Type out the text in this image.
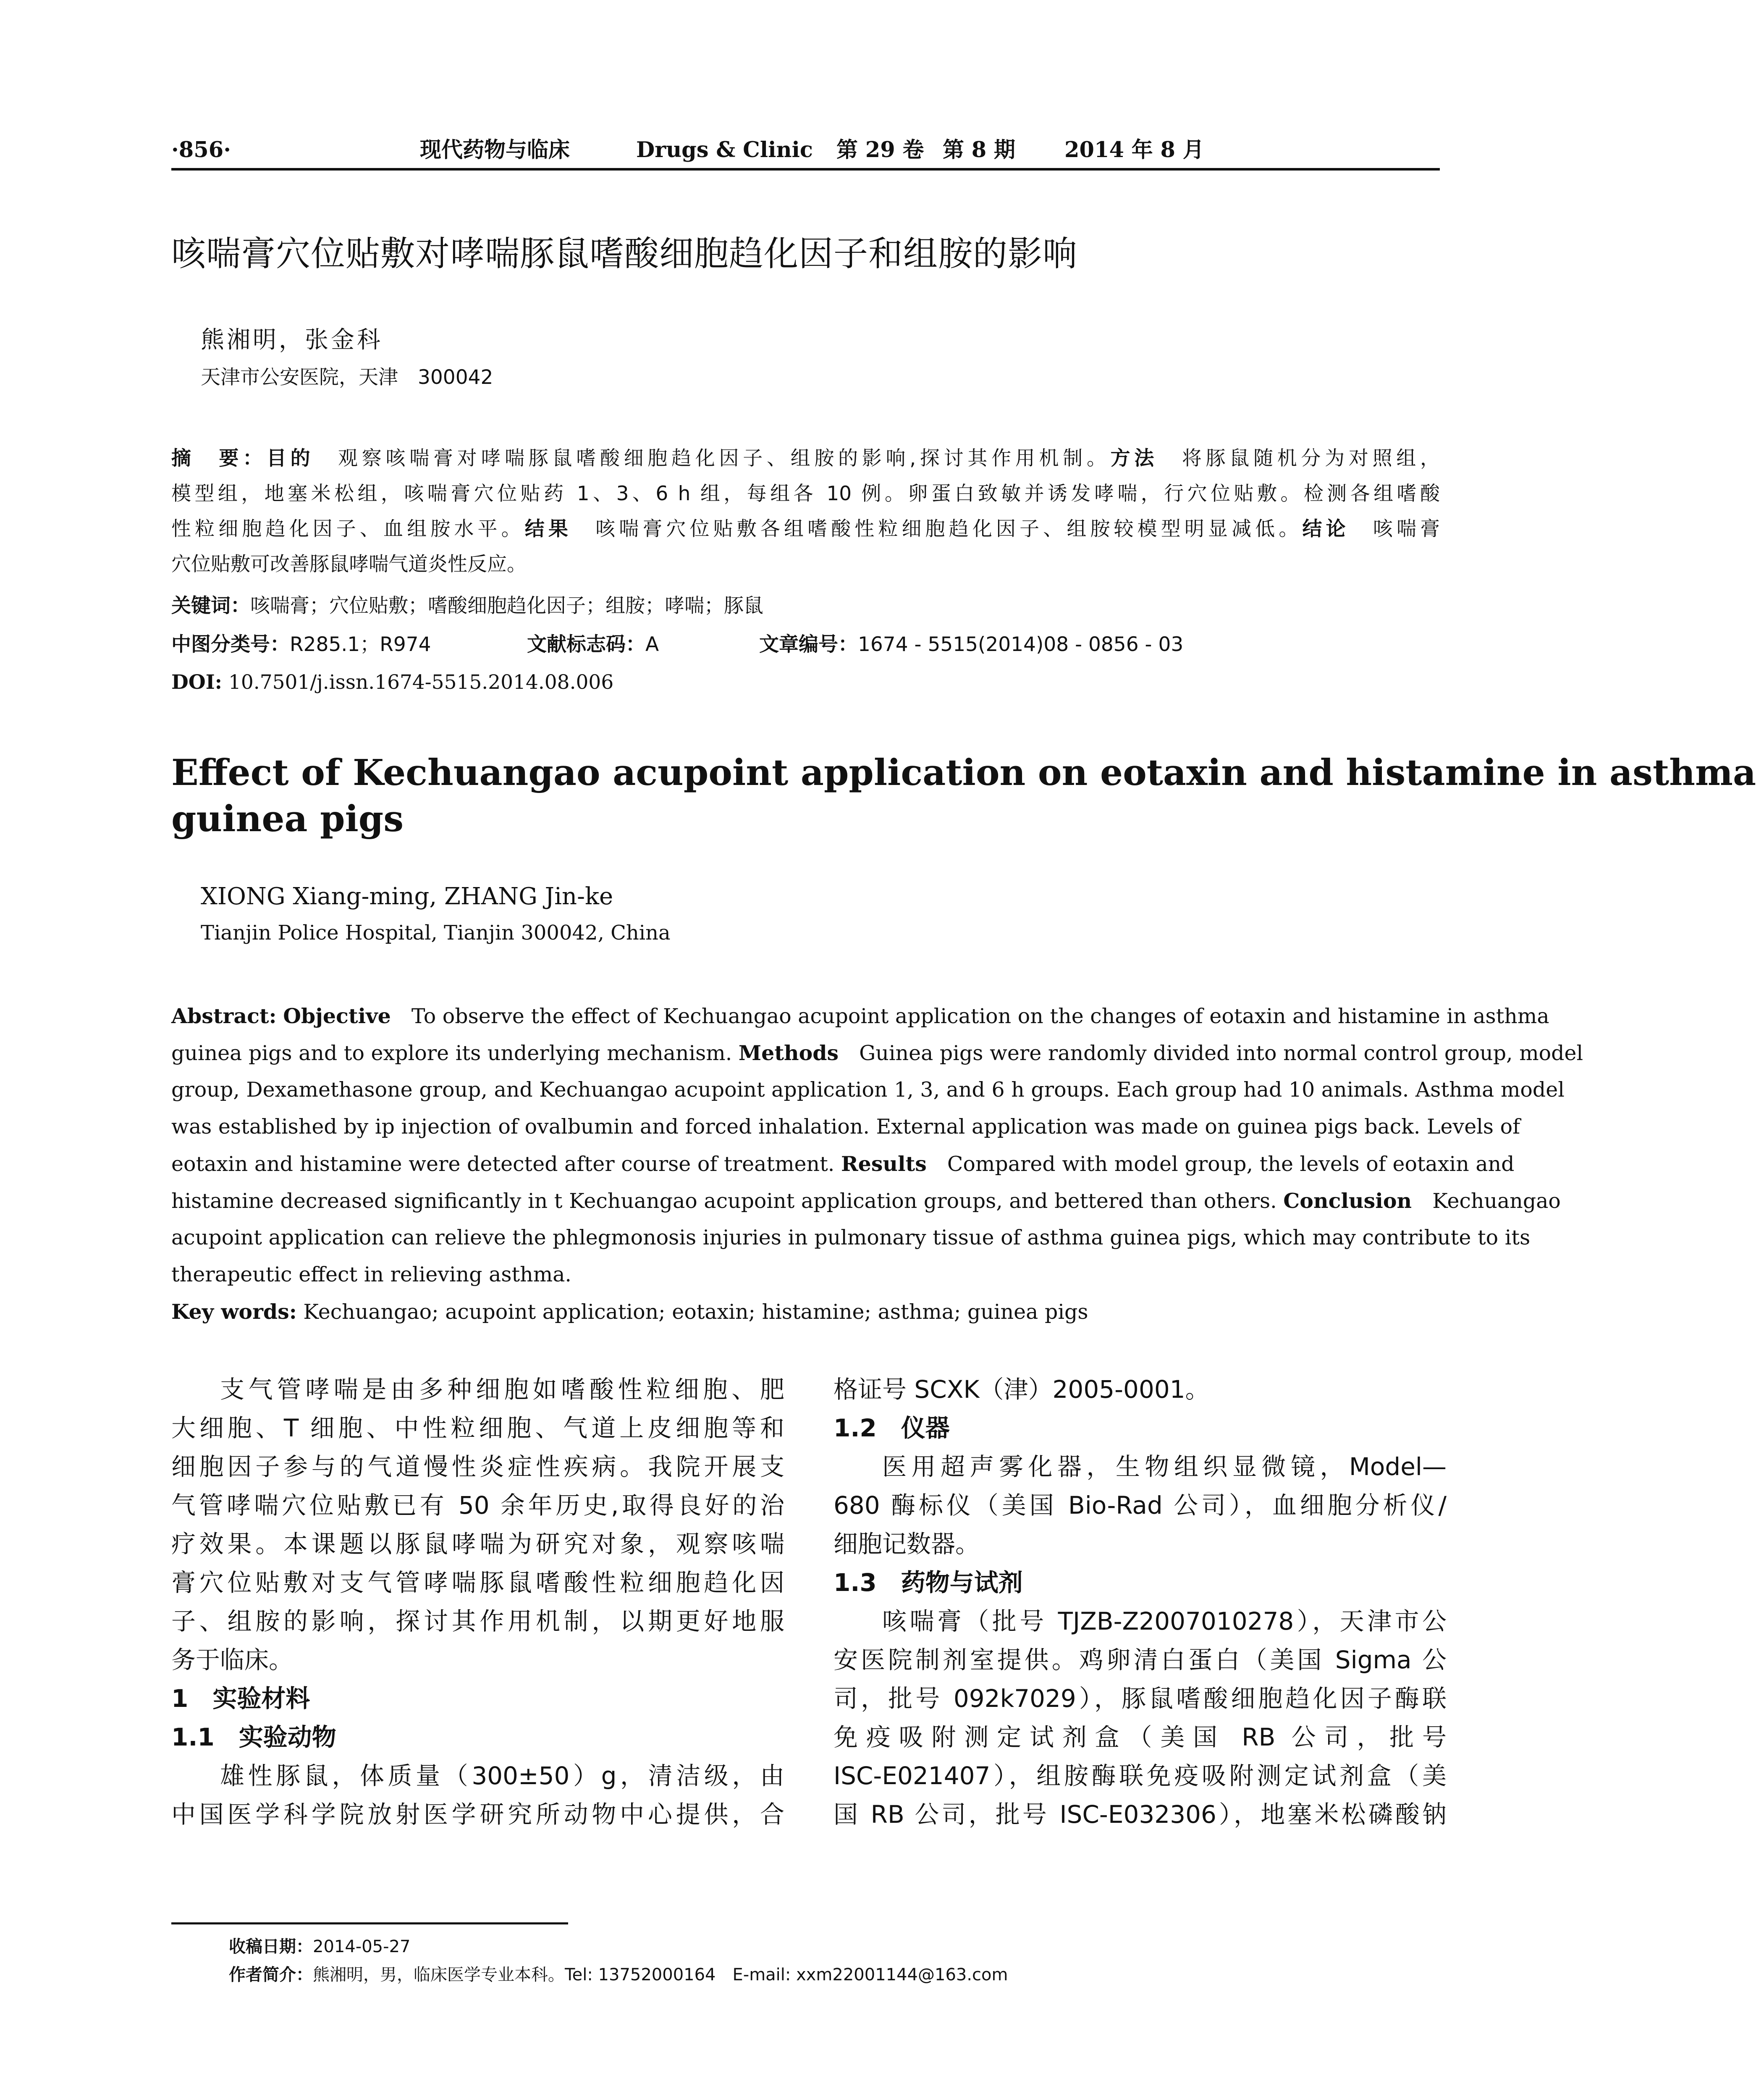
·856·	现代药物与临床	Drugs & Clinic 第 29 卷 第 8 期 2014 年 8 月
咳喘膏穴位贴敷对哮喘豚鼠嗜酸细胞趋化因子和组胺的影响
熊湘明，张金科
天津市公安医院，天津　300042
摘　要：目的　 观察咳喘膏对哮喘豚鼠嗜酸细胞趋化因子、组胺的影响,探讨其作用机制。方法　 将豚鼠随机分为对照组，
模型组，地塞米松组，咳喘膏穴位贴药 1、3、6 h 组，每组各 10 例。卵蛋白致敏并诱发哮喘，行穴位贴敷。检测各组嗜酸
性粒细胞趋化因子、血组胺水平。结果　 咳喘膏穴位贴敷各组嗜酸性粒细胞趋化因子、组胺较模型明显减低。结论　 咳喘膏
穴位贴敷可改善豚鼠哮喘气道炎性反应。
关键词：咳喘膏；穴位贴敷；嗜酸细胞趋化因子；组胺；哮喘；豚鼠
中图分类号：R285.1；R974	文献标志码：A	文章编号：1674 - 5515(2014)08 - 0856 - 03
DOI: 10.7501/j.issn.1674-5515.2014.08.006
Effect of Kechuangao acupoint application on eotaxin and histamine in asthma
guinea pigs
XIONG Xiang-ming, ZHANG Jin-ke
Tianjin Police Hospital, Tianjin 300042, China
Abstract: Objective　 To observe the effect of Kechuangao acupoint application on the changes of eotaxin and histamine in asthma
guinea pigs and to explore its underlying mechanism. Methods　 Guinea pigs were randomly divided into normal control group, model
group, Dexamethasone group, and Kechuangao acupoint application 1, 3, and 6 h groups. Each group had 10 animals. Asthma model
was established by ip injection of ovalbumin and forced inhalation. External application was made on guinea pigs back. Levels of
eotaxin and histamine were detected after course of treatment. Results　 Compared with model group, the levels of eotaxin and
histamine decreased significantly in t Kechuangao acupoint application groups, and bettered than others. Conclusion　 Kechuangao
acupoint application can relieve the phlegmonosis injuries in pulmonary tissue of asthma guinea pigs, which may contribute to its
therapeutic effect in relieving asthma.
Key words: Kechuangao; acupoint application; eotaxin; histamine; asthma; guinea pigs
支气管哮喘是由多种细胞如嗜酸性粒细胞、肥
大细胞、T 细胞、中性粒细胞、气道上皮细胞等和
细胞因子参与的气道慢性炎症性疾病。我院开展支
气管哮喘穴位贴敷已有 50 余年历史,取得良好的治
疗效果。本课题以豚鼠哮喘为研究对象，观察咳喘
膏穴位贴敷对支气管哮喘豚鼠嗜酸性粒细胞趋化因
子、组胺的影响，探讨其作用机制，以期更好地服
务于临床。
1　实验材料
1.1　实验动物
雄性豚鼠，体质量（300±50）g，清洁级，由
中国医学科学院放射医学研究所动物中心提供，合
格证号 SCXK（津）2005-0001。
1.2　仪器
医用超声雾化器，生物组织显微镜，Model—
680 酶标仪（美国 Bio-Rad 公司），血细胞分析仪/
细胞记数器。
1.3　药物与试剂
咳喘膏（批号 TJZB-Z2007010278），天津市公
安医院制剂室提供。鸡卵清白蛋白（美国 Sigma 公
司，批号 092k7029），豚鼠嗜酸细胞趋化因子酶联
免疫吸附测定试剂盒（美国 RB 公司，批号
ISC-E021407），组胺酶联免疫吸附测定试剂盒（美
国 RB 公司，批号 ISC-E032306），地塞米松磷酸钠
收稿日期：2014-05-27
作者简介：熊湘明，男，临床医学专业本科。Tel: 13752000164　E-mail: xxm22001144@163.com
